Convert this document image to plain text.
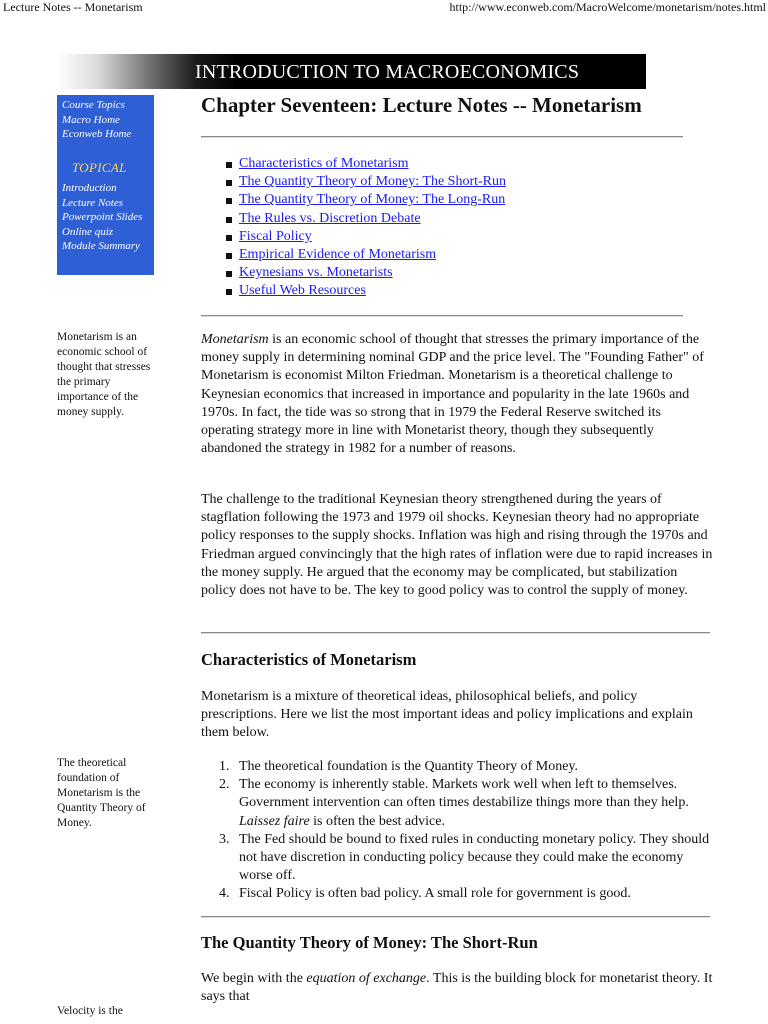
Lecture Notes -- Monetarism	http://www.econweb.com/MacroWelcome/monetarism/notes.html
INTRODUCTION TO MACROECONOMICS
Course Topics
Macro Home
Econweb Home
TOPICAL
Introduction
Lecture Notes
Powerpoint Slides
Online quiz
Module Summary
Chapter Seventeen: Lecture Notes -- Monetarism
Characteristics of Monetarism
The Quantity Theory of Money: The Short-Run
The Quantity Theory of Money: The Long-Run
The Rules vs. Discretion Debate
Fiscal Policy
Empirical Evidence of Monetarism
Keynesians vs. Monetarists
Useful Web Resources
Monetarism is an economic school of thought that stresses the primary importance of the money supply.

Monetarism is an economic school of thought that stresses the primary importance of the money supply in determining nominal GDP and the price level. The "Founding Father" of Monetarism is economist Milton Friedman. Monetarism is a theoretical challenge to Keynesian economics that increased in importance and popularity in the late 1960s and 1970s. In fact, the tide was so strong that in 1979 the Federal Reserve switched its operating strategy more in line with Monetarist theory, though they subsequently abandoned the strategy in 1982 for a number of reasons.

The challenge to the traditional Keynesian theory strengthened during the years of stagflation following the 1973 and 1979 oil shocks. Keynesian theory had no appropriate policy responses to the supply shocks. Inflation was high and rising through the 1970s and Friedman argued convincingly that the high rates of inflation were due to rapid increases in the money supply. He argued that the economy may be complicated, but stabilization policy does not have to be. The key to good policy was to control the supply of money.

Characteristics of Monetarism

Monetarism is a mixture of theoretical ideas, philosophical beliefs, and policy prescriptions. Here we list the most important ideas and policy implications and explain them below.

The theoretical foundation of Monetarism is the Quantity Theory of Money.
1. The theoretical foundation is the Quantity Theory of Money.
2. The economy is inherently stable. Markets work well when left to themselves. Government intervention can often times destabilize things more than they help. Laissez faire is often the best advice.
3. The Fed should be bound to fixed rules in conducting monetary policy. They should not have discretion in conducting policy because they could make the economy worse off.
4. Fiscal Policy is often bad policy. A small role for government is good.
The Quantity Theory of Money: The Short-Run

We begin with the equation of exchange. This is the building block for monetarist theory. It says that

Velocity is the
